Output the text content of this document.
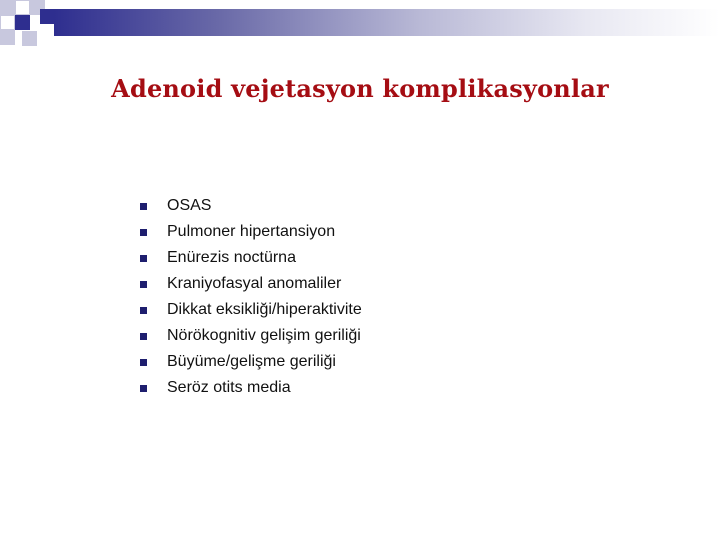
Adenoid vejetasyon komplikasyonlar
OSAS
Pulmoner hipertansiyon
Enürezis noctürna
Kraniyofasyal anomaliler
Dikkat eksikliği/hiperaktivite
Nörökognitiv gelişim geriliği
Büyüme/gelişme geriliği
Seröz otits media
